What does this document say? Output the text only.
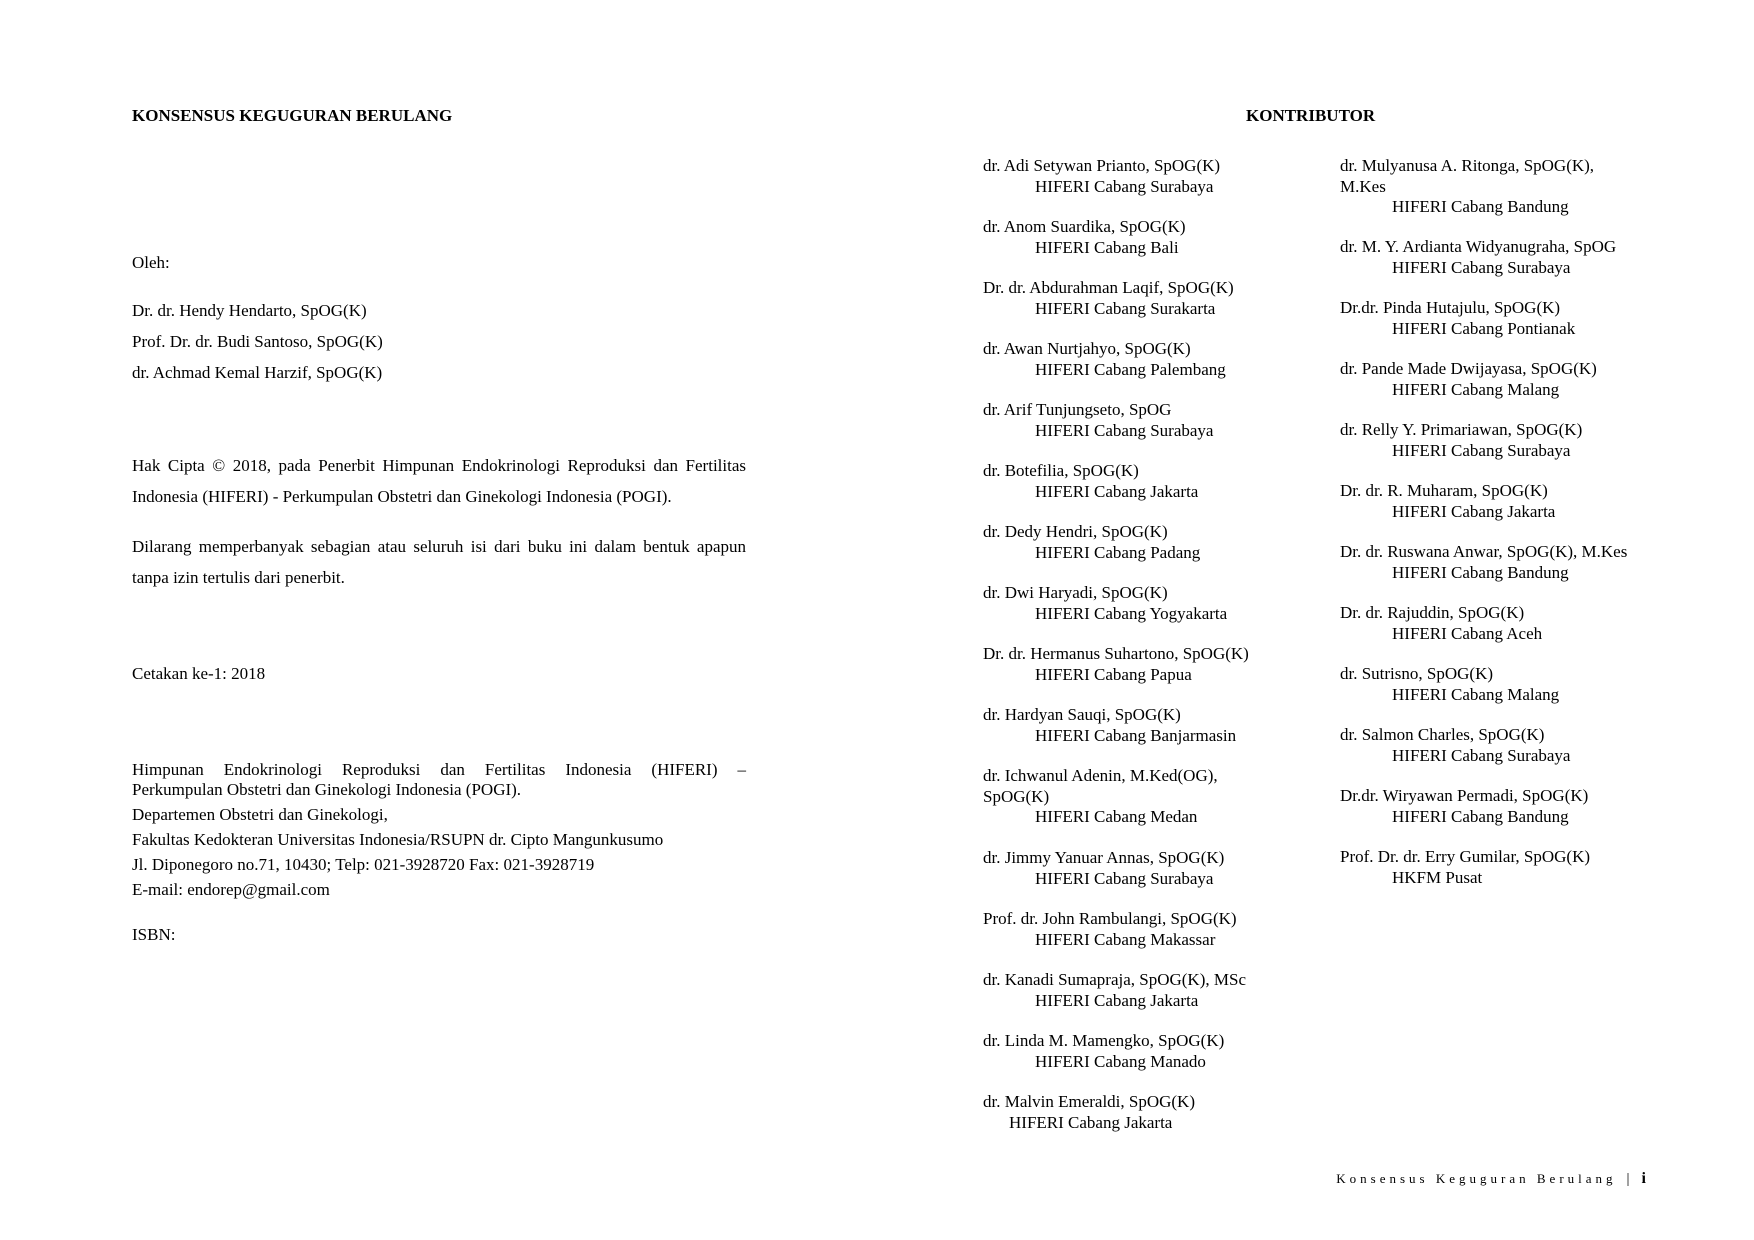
KONSENSUS KEGUGURAN BERULANG
Oleh:
Dr. dr. Hendy Hendarto, SpOG(K)
Prof. Dr. dr. Budi Santoso, SpOG(K)
dr. Achmad Kemal Harzif, SpOG(K)
Hak Cipta © 2018, pada Penerbit Himpunan Endokrinologi Reproduksi dan Fertilitas Indonesia (HIFERI) - Perkumpulan Obstetri dan Ginekologi Indonesia (POGI).
Dilarang memperbanyak sebagian atau seluruh isi dari buku ini dalam bentuk apapun tanpa izin tertulis dari penerbit.
Cetakan ke-1: 2018
Himpunan Endokrinologi Reproduksi dan Fertilitas Indonesia (HIFERI) –
Perkumpulan Obstetri dan Ginekologi Indonesia (POGI).
Departemen Obstetri dan Ginekologi,
Fakultas Kedokteran Universitas Indonesia/RSUPN dr. Cipto Mangunkusumo
Jl. Diponegoro no.71, 10430; Telp: 021-3928720 Fax: 021-3928719
E-mail: endorep@gmail.com
ISBN:
KONTRIBUTOR
dr. Adi Setywan Prianto, SpOG(K)
HIFERI Cabang Surabaya
dr. Anom Suardika, SpOG(K)
HIFERI Cabang Bali
Dr. dr. Abdurahman Laqif, SpOG(K)
HIFERI Cabang Surakarta
dr. Awan Nurtjahyo, SpOG(K)
HIFERI Cabang Palembang
dr. Arif Tunjungseto, SpOG
HIFERI Cabang Surabaya
dr. Botefilia, SpOG(K)
HIFERI Cabang Jakarta
dr. Dedy Hendri, SpOG(K)
HIFERI Cabang Padang
dr. Dwi Haryadi, SpOG(K)
HIFERI Cabang Yogyakarta
Dr. dr. Hermanus Suhartono, SpOG(K)
HIFERI Cabang Papua
dr. Hardyan Sauqi, SpOG(K)
HIFERI Cabang Banjarmasin
dr. Ichwanul Adenin, M.Ked(OG), SpOG(K)
HIFERI Cabang Medan
dr. Jimmy Yanuar Annas, SpOG(K)
HIFERI Cabang Surabaya
Prof. dr. John Rambulangi, SpOG(K)
HIFERI Cabang Makassar
dr. Kanadi Sumapraja, SpOG(K), MSc
HIFERI Cabang Jakarta
dr. Linda M. Mamengko, SpOG(K)
HIFERI Cabang Manado
dr. Malvin Emeraldi, SpOG(K)
HIFERI Cabang Jakarta
dr. Mulyanusa A. Ritonga, SpOG(K), M.Kes
HIFERI Cabang Bandung
dr. M. Y. Ardianta Widyanugraha, SpOG
HIFERI Cabang Surabaya
Dr.dr. Pinda Hutajulu, SpOG(K)
HIFERI Cabang Pontianak
dr. Pande Made Dwijayasa, SpOG(K)
HIFERI Cabang Malang
dr. Relly Y. Primariawan, SpOG(K)
HIFERI Cabang Surabaya
Dr. dr. R. Muharam, SpOG(K)
HIFERI Cabang Jakarta
Dr. dr. Ruswana Anwar, SpOG(K), M.Kes
HIFERI Cabang Bandung
Dr. dr. Rajuddin, SpOG(K)
HIFERI Cabang Aceh
dr. Sutrisno, SpOG(K)
HIFERI Cabang Malang
dr. Salmon Charles, SpOG(K)
HIFERI Cabang Surabaya
Dr.dr. Wiryawan Permadi, SpOG(K)
HIFERI Cabang Bandung
Prof. Dr. dr. Erry Gumilar, SpOG(K)
HKFM Pusat
Konsensus Keguguran Berulang | i
